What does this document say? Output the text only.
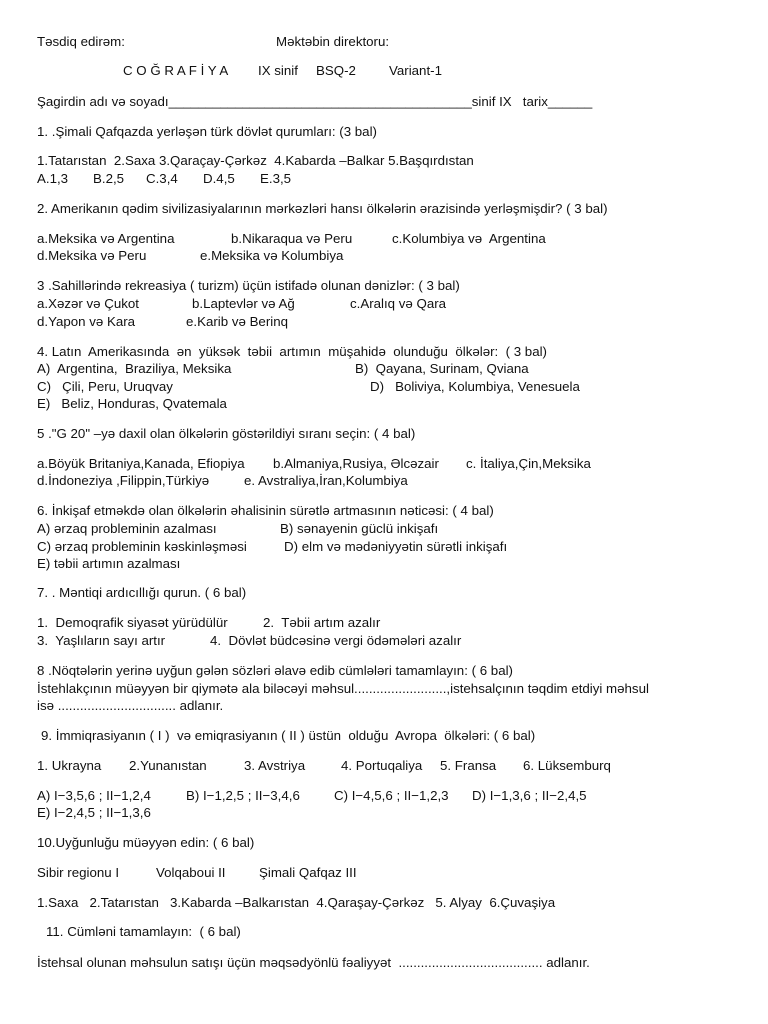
Təsdiq edirəm:	Məktəbin direktoru:
C O Ğ R A F İ Y A IX sinif BSQ-2 Variant-1
Şagirdin adı və soyadı_________________________________________sinif IX   tarix______
1. .Şimali Qafqazda yerləşən türk dövlət qurumları: (3 bal)
1.Tatarıstan  2.Saxa 3.Qaraçay-Çərkəz  4.Kabarda –Balkar 5.Başqırdıstan
A.1,3 B.2,5 C.3,4 D.4,5 E.3,5
2. Amerikanın qədim sivilizasiyalarının mərkəzləri hansı ölkələrin ərazisində yerləşmişdir? ( 3 bal)
a.Meksika və Argentina	b.Nikaraqua və Peru	c.Kolumbiya və  Argentina
d.Meksika və Peru	e.Meksika və Kolumbiya
3 .Sahillərində rekreasiya ( turizm) üçün istifadə olunan dənizlər: ( 3 bal)
a.Xəzər və Çukot	b.Laptevlər və Ağ	c.Aralıq və Qara
d.Yapon və Kara	e.Karib və Berinq
4. Latın  Amerikasında  ən  yüksək  təbii  artımın  müşahidə  olunduğu  ölkələr:  ( 3 bal)
A)  Argentina,  Braziliya, Meksika	B)  Qayana, Surinam, Qviana
C)   Çili, Peru, Uruqvay	D)   Boliviya, Kolumbiya, Venesuela
E)   Beliz, Honduras, Qvatemala
5 ."G 20" –yə daxil olan ölkələrin göstərildiyi sıranı seçin: ( 4 bal)
a.Böyük Britaniya,Kanada, Efiopiya b.Almaniya,Rusiya, Əlcəzair c. İtaliya,Çin,Meksika
d.İndoneziya ,Filippin,Türkiyə	e. Avstraliya,İran,Kolumbiya
6. İnkişaf etməkdə olan ölkələrin əhalisinin sürətlə artmasının nəticəsi: ( 4 bal)
A) ərzaq probleminin azalması	B) sənayenin güclü inkişafı
C) ərzaq probleminin kəskinləşməsi	D) elm və mədəniyyətin sürətli inkişafı
E) təbii artımın azalması
7. . Məntiqi ardıcıllığı qurun. ( 6 bal)
1.  Demoqrafik siyasət yürüdülür	2.  Təbii artım azalır
3.  Yaşlıların sayı artır	4.  Dövlət büdcəsinə vergi ödəmələri azalır
8 .Nöqtələrin yerinə uyğun gələn sözləri əlavə edib cümlələri tamamlayın: ( 6 bal)
İstehlakçının müəyyən bir qiymətə ala biləcəyi məhsul.........................,istehsalçının təqdim etdiyi məhsul
isə ................................ adlanır.
9. İmmiqrasiyanın ( I )  və emiqrasiyanın ( II ) üstün  olduğu  Avropa  ölkələri: ( 6 bal)
1. Ukrayna 2.Yunanıstan	3. Avstriya	4. Portuqaliya 5. Fransa 6. Lüksemburq
A) I−3,5,6 ; II−1,2,4	B) I−1,2,5 ; II−3,4,6	C) I−4,5,6 ; II−1,2,3 D) I−1,3,6 ; II−2,4,5
E) I−2,4,5 ; II−1,3,6
10.Uyğunluğu müəyyən edin: ( 6 bal)
Sibir regionu I	Volqaboui II	Şimali Qafqaz III
1.Saxa   2.Tatarıstan   3.Kabarda –Balkarıstan  4.Qaraşay-Çərkəz   5. Alyay  6.Çuvaşiya
11. Cümləni tamamlayın:  ( 6 bal)
İstehsal olunan məhsulun satışı üçün məqsədyönlü fəaliyyət  ....................................... adlanır.
